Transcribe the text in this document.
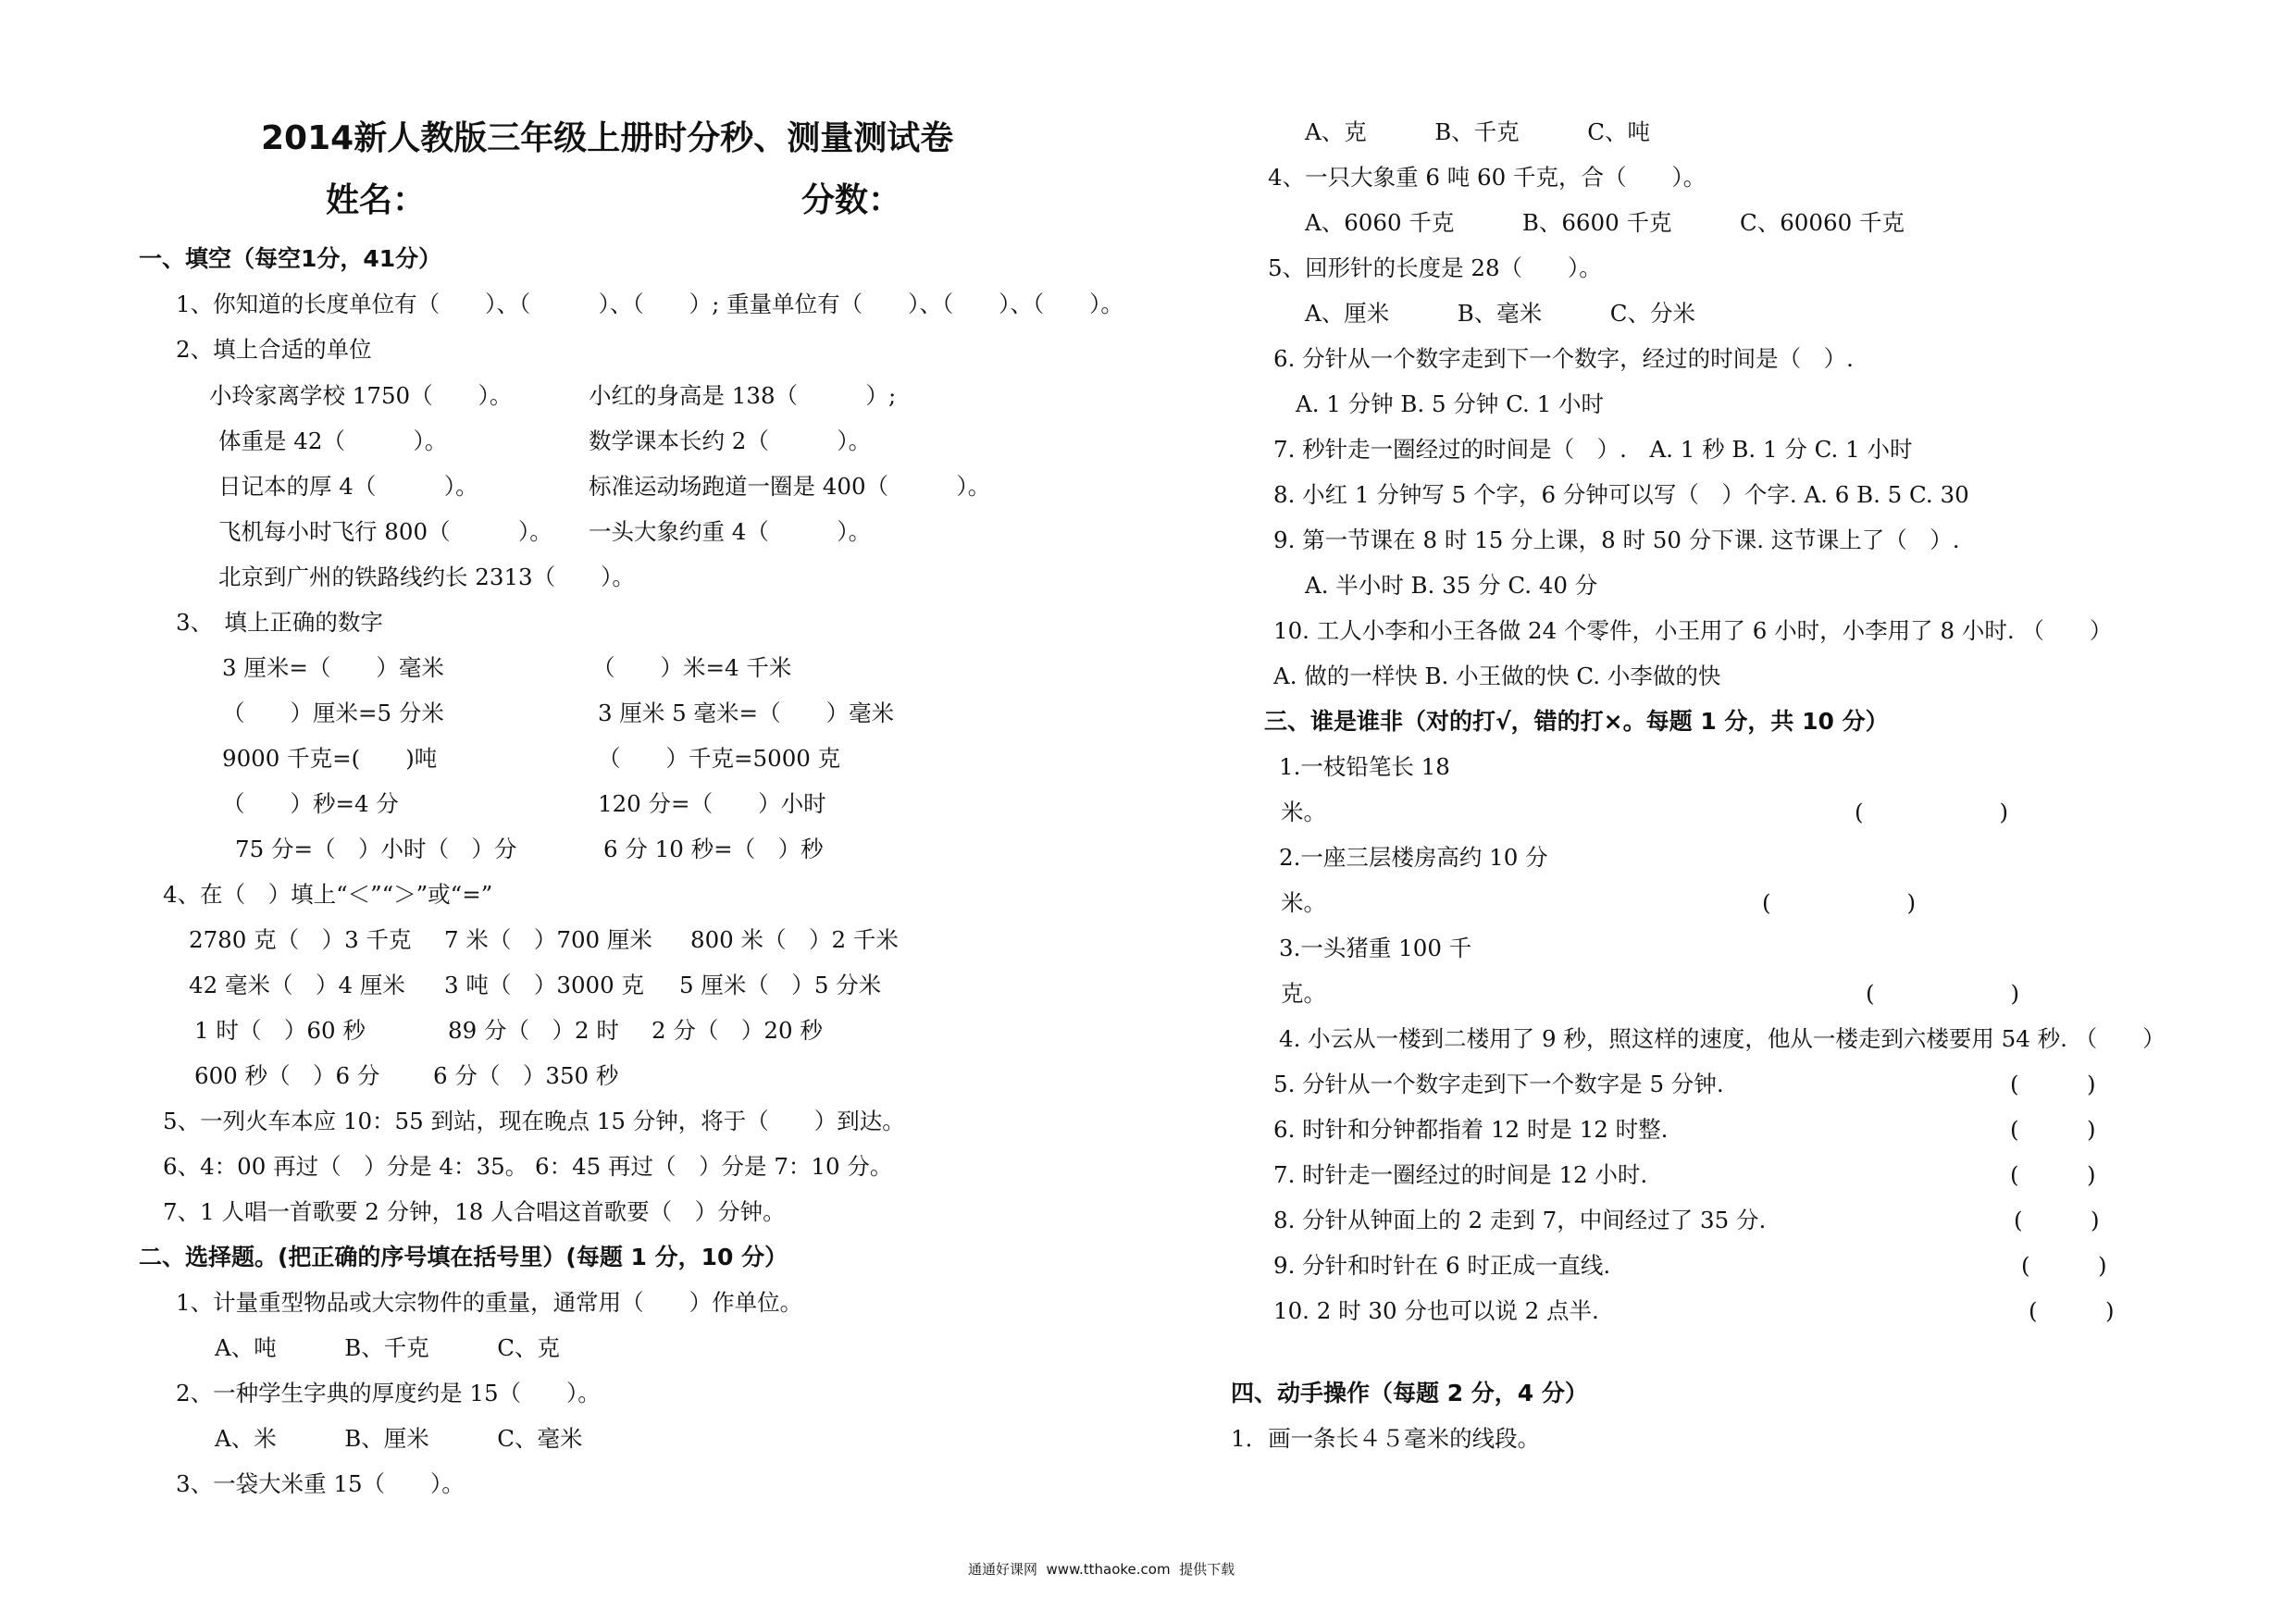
2014新人教版三年级上册时分秒、测量测试卷
姓名：	分数：
一、填空（每空1分，41分）
1、你知道的长度单位有（　　）、（　　　）、（　　）; 重量单位有（　　）、（　　）、（　　）。
2、填上合适的单位
小玲家离学校 1750（　　）。	小红的身高是 138（　　　）;
体重是 42（　　　）。	数学课本长约 2（　　　）。
日记本的厚 4（　　　）。	标准运动场跑道一圈是 400（　　　）。
飞机每小时飞行 800（　　　）。 一头大象约重 4（　　　）。
北京到广州的铁路线约长 2313（　　）。
3、　填上正确的数字
3 厘米=（　　）毫米	（　　）米=4 千米
（　　）厘米=5 分米	3 厘米 5 毫米=（　　）毫米
9000 千克=(　　)吨	（　　）千克=5000 克
（　　）秒=4 分	120 分=（　　）小时
75 分=（　）小时（　）分	6 分 10 秒=（　）秒
4、在（　）填上“＜”“＞”或“=”
2780 克（　）3 千克 7 米（　）700 厘米 800 米（　）2 千米
42 毫米（　）4 厘米 3 吨（　）3000 克 5 厘米（　）5 分米
1 时（　）60 秒	89 分（　）2 时 2 分（　）20 秒
600 秒（　）6 分 6 分（　）350 秒
5、一列火车本应 10：55 到站，现在晚点 15 分钟，将于（　　）到达。
6、4：00 再过（　）分是 4：35。 6：45 再过（　）分是 7：10 分。
7、1 人唱一首歌要 2 分钟，18 人合唱这首歌要（　）分钟。
二、选择题。(把正确的序号填在括号里）(每题 1 分，10 分）
1、计量重型物品或大宗物件的重量，通常用（　　）作单位。
A、吨　　　B、千克　　　C、克
2、一种学生字典的厚度约是 15（　　）。
A、米　　　B、厘米　　　C、毫米
3、一袋大米重 15（　　）。
A、克　　　B、千克　　　C、吨
4、一只大象重 6 吨 60 千克，合（　　）。
A、6060 千克　　　B、6600 千克　　　C、60060 千克
5、回形针的长度是 28（　　）。
A、厘米　　　B、毫米　　　C、分米
6. 分针从一个数字走到下一个数字，经过的时间是（　）.
A. 1 分钟 B. 5 分钟 C. 1 小时
7. 秒针走一圈经过的时间是（　）.　A. 1 秒 B. 1 分 C. 1 小时
8. 小红 1 分钟写 5 个字，6 分钟可以写（　）个字. A. 6 B. 5 C. 30
9. 第一节课在 8 时 15 分上课，8 时 50 分下课. 这节课上了（　）.
A. 半小时 B. 35 分 C. 40 分
10. 工人小李和小王各做 24 个零件，小王用了 6 小时，小李用了 8 小时. （　　）
A. 做的一样快 B. 小王做的快 C. 小李做的快
三、谁是谁非（对的打√，错的打×。每题 1 分，共 10 分）
1.一枝铅笔长 18
米。	(　　　　　　)
2.一座三层楼房高约 10 分
米。	(　　　　　　)
3.一头猪重 100 千
克。	(　　　　　　)
4. 小云从一楼到二楼用了 9 秒，照这样的速度，他从一楼走到六楼要用 54 秒. （　　）
5. 分针从一个数字走到下一个数字是 5 分钟.	(　　　)
6. 时针和分钟都指着 12 时是 12 时整.	(　　　)
7. 时针走一圈经过的时间是 12 小时.	(　　　)
8. 分针从钟面上的 2 走到 7，中间经过了 35 分.	(　　　)
9. 分针和时针在 6 时正成一直线.	(　　　)
10. 2 时 30 分也可以说 2 点半.	(　　　)
四、动手操作（每题 2 分，4 分）
1．画一条长４５毫米的线段。
通通好课网  www.tthaoke.com  提供下载
